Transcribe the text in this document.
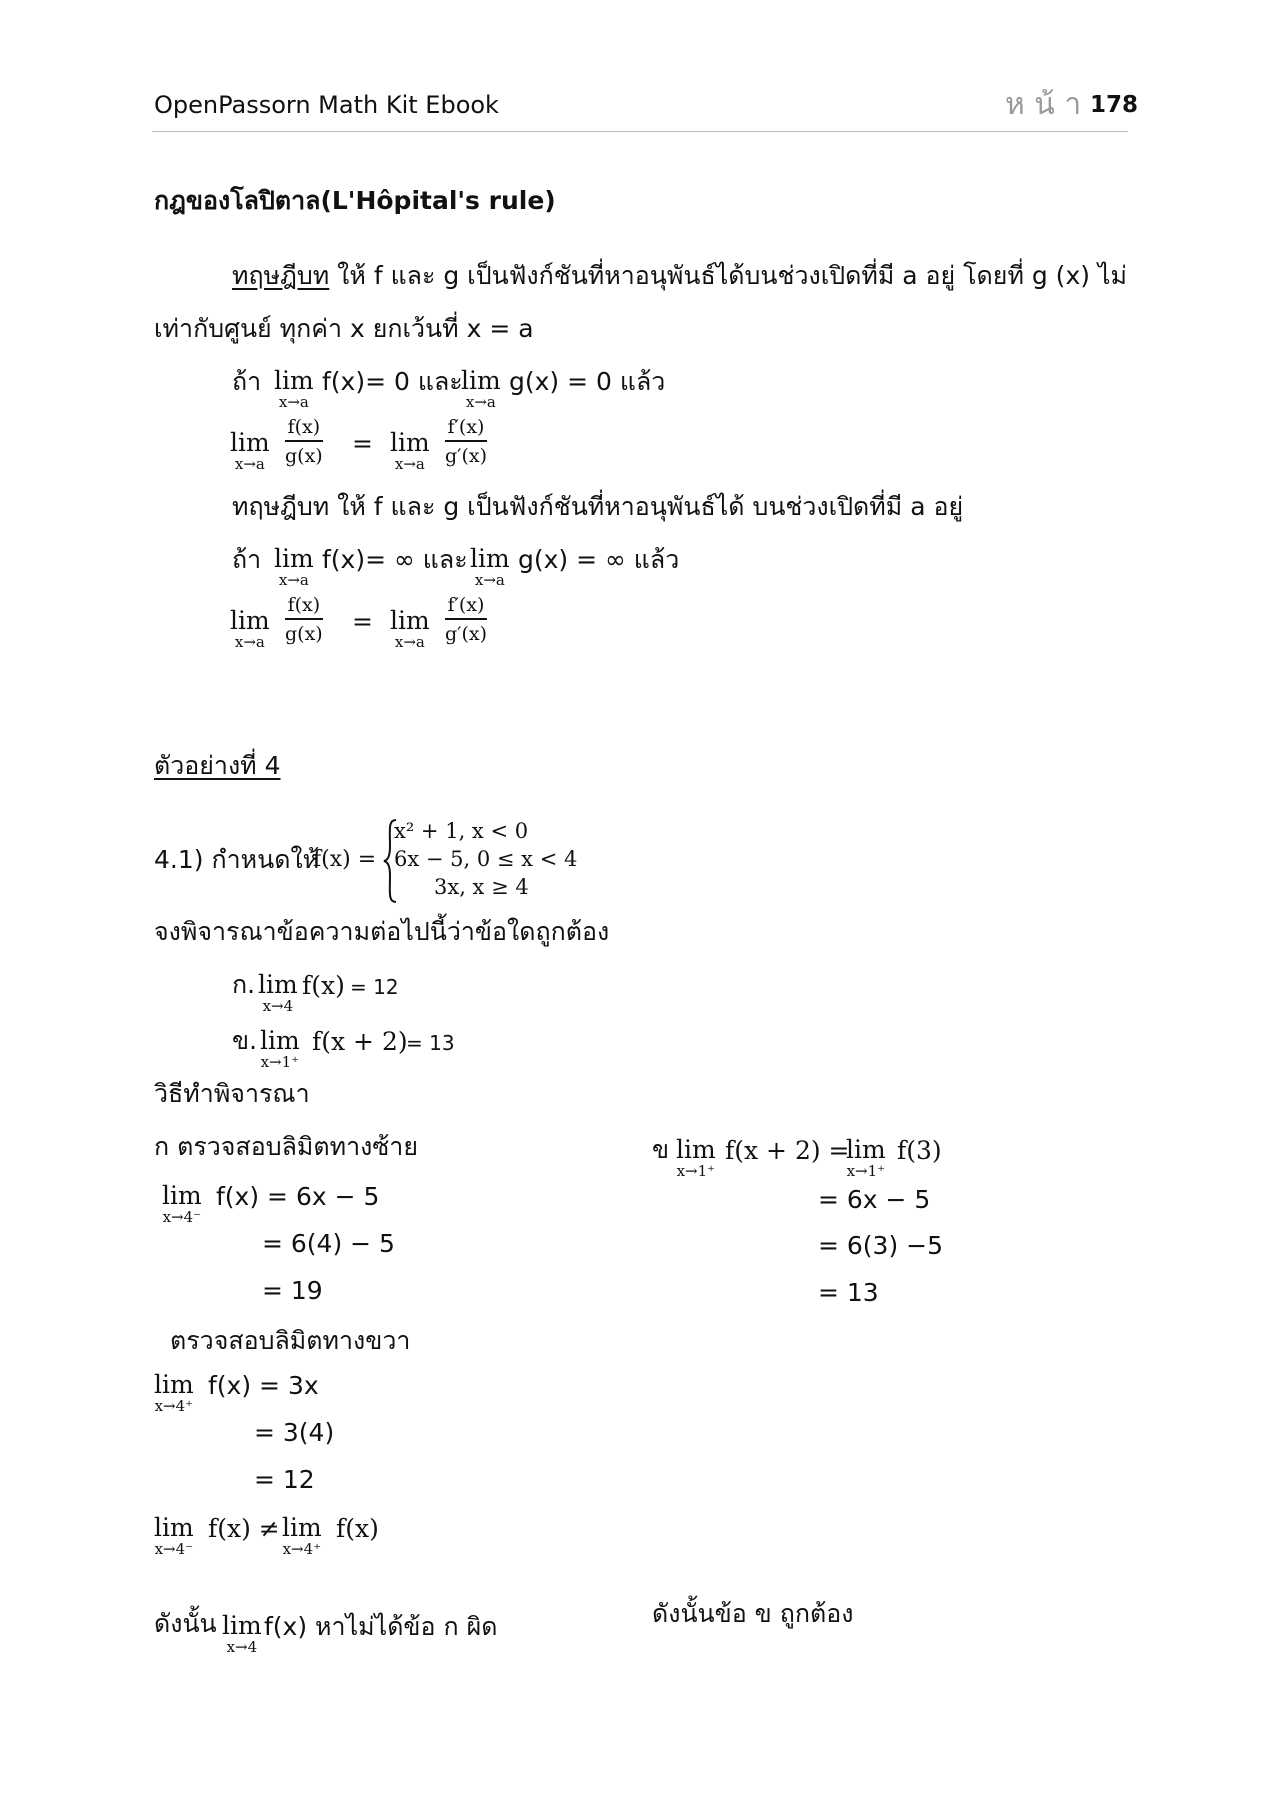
OpenPassorn Math Kit Ebook	ห น้ า 178
กฎของโลปิตาล(L'Hôpital's rule)
ทฤษฎีบท ให้ f และ g เป็นฟังก์ชันที่หาอนุพันธ์ได้บนช่วงเปิดที่มี a อยู่ โดยที่ g (x) ไม่
เท่ากับศูนย์ ทุกค่า x ยกเว้นที่ x = a
ถ้า lim
x→a
f(x)= 0 และ
lim
x→a
g(x) = 0 แล้ว
lim
$x\to a \frac{f(x)}{g(x)} = \lim$
$x\to a \frac{f'(x)}{g'(x)}$
ทฤษฎีบท ให้ f และ g เป็นฟังก์ชันที่หาอนุพันธ์ได้ บนช่วงเปิดที่มี a อยู่
ถ้า lim
x→a
f(x)= ∞ และ lim
x→a
g(x) = ∞ แล้ว
lim
$x\to a \frac{f(x)}{g(x)} = \lim$
$x\to a \frac{f'(x)}{g'(x)}$
ตัวอย่างที่ 4
4.1) กำหนดให้
f(x) =
x² + 1, x < 0
6x − 5, 0 ≤ x < 4
3x, x ≥ 4
จงพิจารณาข้อความต่อไปนี้ว่าข้อใดถูกต้อง
ก. lim
x→4
f(x) = 12
ข. lim
x→1⁺
f(x + 2)
= 13
วิธีทำพิจารณา
ก ตรวจสอบลิมิตทางซ้าย
lim
x→4⁻
f(x) = 6x − 5
= 6(4) − 5
= 19
ตรวจสอบลิมิตทางขวา
lim
x→4⁺
f(x) = 3x
= 3(4)
= 12
lim
x→4⁻
f(x) ≠ lim
x→4⁺
f(x)
ดังนั้น lim
x→4
f(x) หาไม่ได้ข้อ ก ผิด
ข lim
x→1⁺
f(x + 2) =
lim
x→1⁺
f(3)
= 6x − 5
= 6(3) −5
= 13
ดังนั้นข้อ ข ถูกต้อง
